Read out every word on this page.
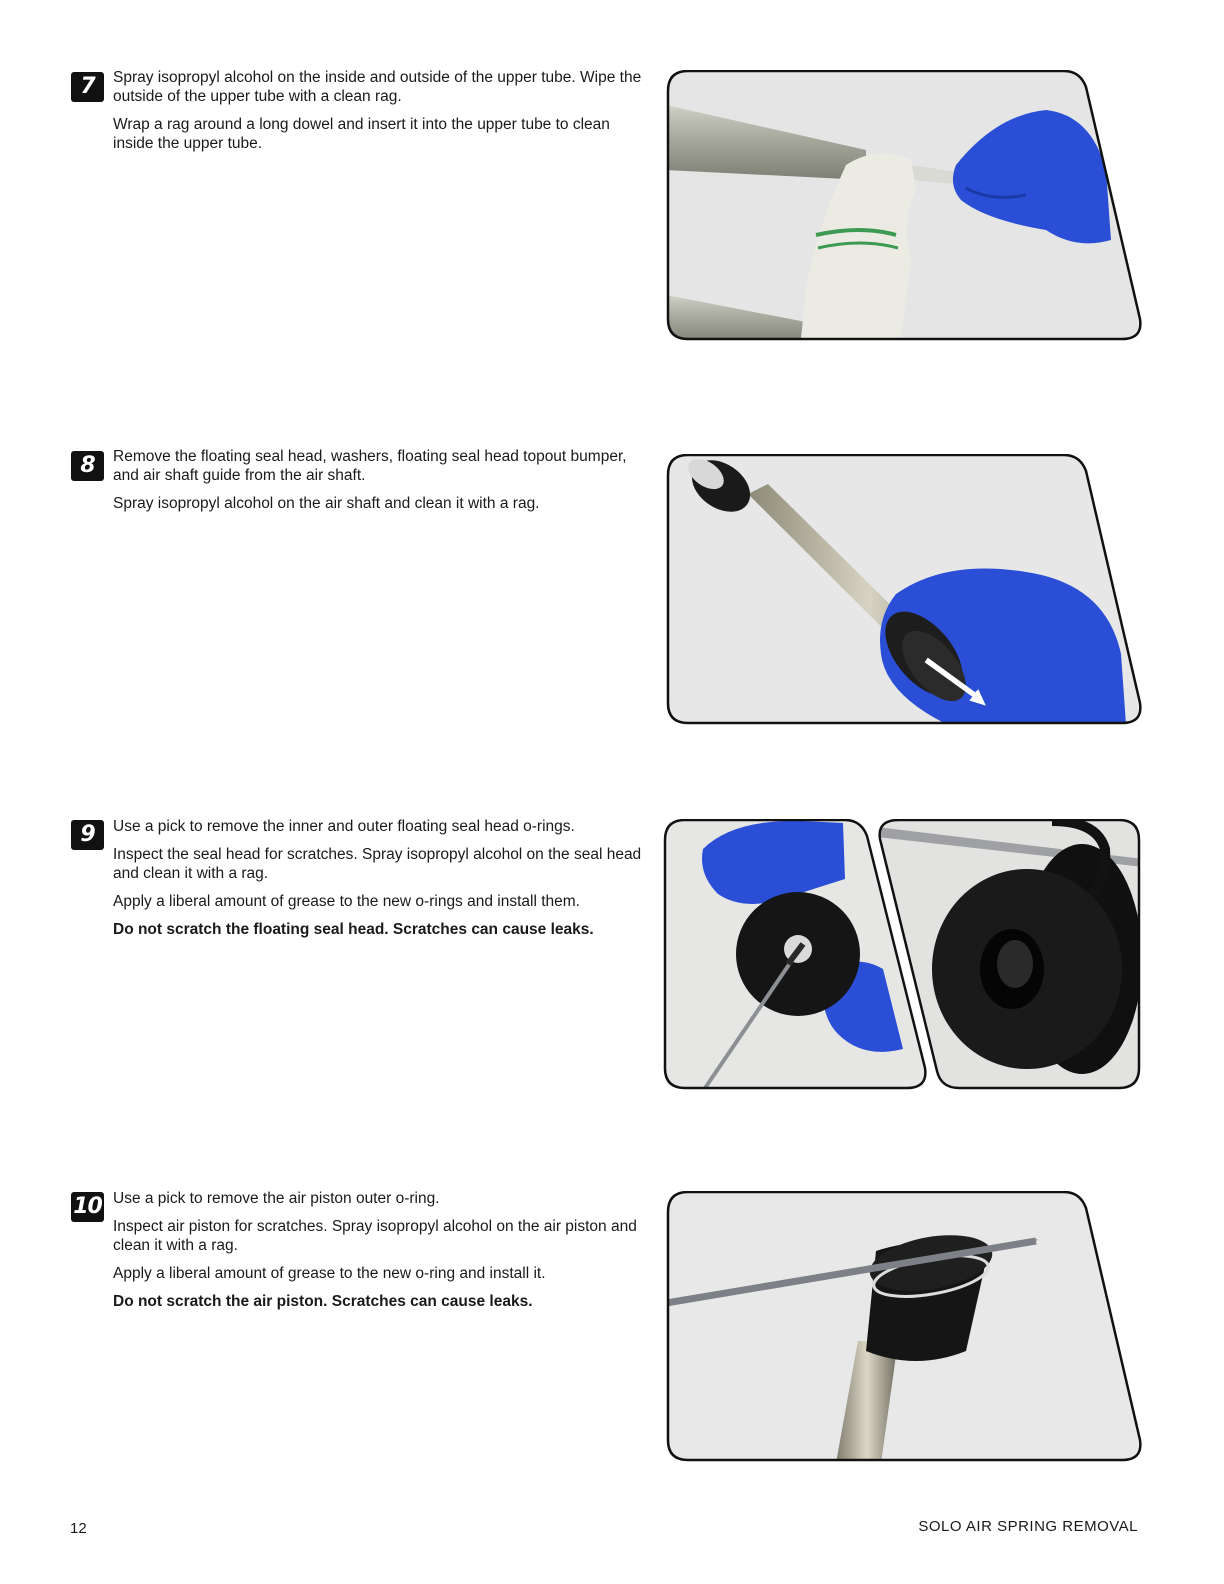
7	Spray isopropyl alcohol on the inside and outside of the upper tube. Wipe the outside of the upper tube with a clean rag.

Wrap a rag around a long dowel and insert it into the upper tube to clean inside the upper tube.

8	Remove the floating seal head, washers, floating seal head topout bumper, and air shaft guide from the air shaft.

Spray isopropyl alcohol on the air shaft and clean it with a rag.

9	Use a pick to remove the inner and outer floating seal head o-rings.

Inspect the seal head for scratches. Spray isopropyl alcohol on the seal head and clean it with a rag.

Apply a liberal amount of grease to the new o-rings and install them.

Do not scratch the floating seal head. Scratches can cause leaks.

10 Use a pick to remove the air piston outer o-ring.

Inspect air piston for scratches. Spray isopropyl alcohol on the air piston and clean it with a rag.

Apply a liberal amount of grease to the new o-ring and install it.

Do not scratch the air piston. Scratches can cause leaks.

12	SOLO AIR SPRING REMOVAL
